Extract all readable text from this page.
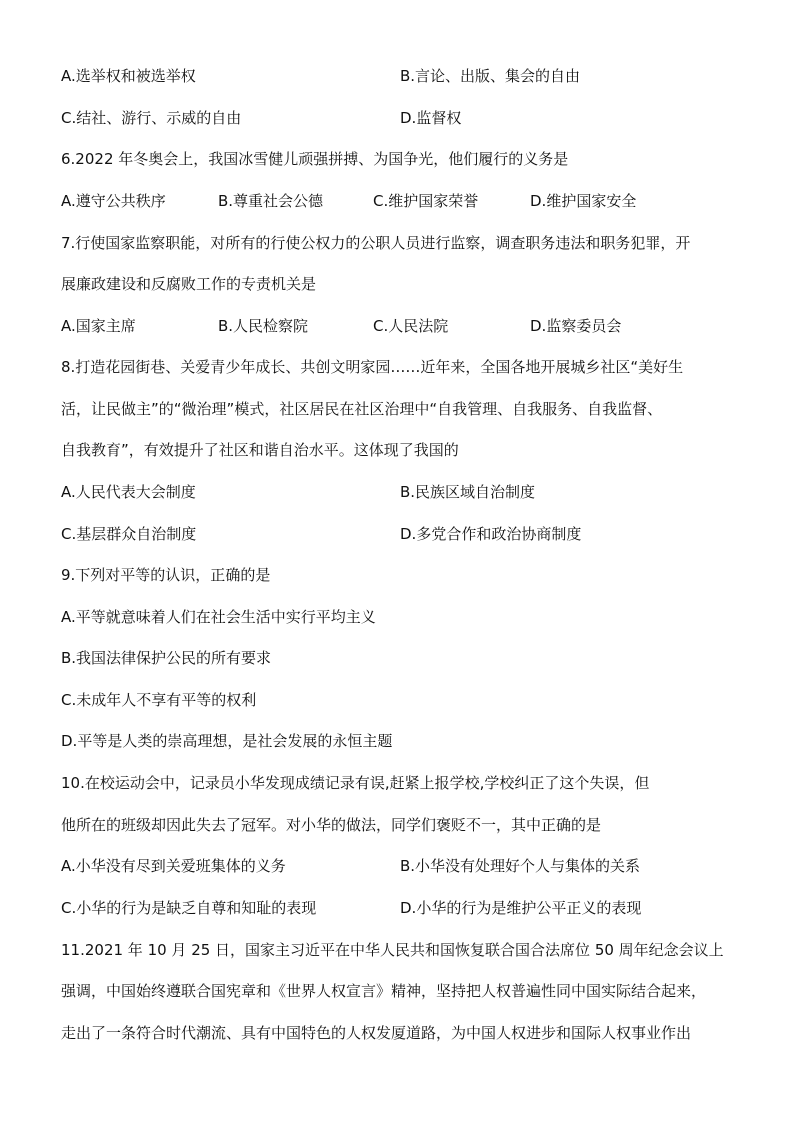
A.选举权和被选举权	B.言论、出版、集会的自由
C.结社、游行、示威的自由	D.监督权
6.2022 年冬奥会上，我国冰雪健儿顽强拼搏、为国争光，他们履行的义务是
A.遵守公共秩序	B.尊重社会公德	C.维护国家荣誉	D.维护国家安全
7.行使国家监察职能，对所有的行使公权力的公职人员进行监察，调查职务违法和职务犯罪，开
展廉政建设和反腐败工作的专责机关是
A.国家主席	B.人民检察院	C.人民法院	D.监察委员会
8.打造花园街巷、关爱青少年成长、共创文明家园……近年来，全国各地开展城乡社区“美好生
活，让民做主”的“微治理”模式，社区居民在社区治理中“自我管理、自我服务、自我监督、
自我教育”，有效提升了社区和谐自治水平。这体现了我国的
A.人民代表大会制度	B.民族区域自治制度
C.基层群众自治制度	D.多党合作和政治协商制度
9.下列对平等的认识，正确的是
A.平等就意味着人们在社会生活中实行平均主义
B.我国法律保护公民的所有要求
C.未成年人不享有平等的权利
D.平等是人类的崇高理想，是社会发展的永恒主题
10.在校运动会中，记录员小华发现成绩记录有误,赶紧上报学校,学校纠正了这个失误，但
他所在的班级却因此失去了冠军。对小华的做法，同学们褒贬不一，其中正确的是
A.小华没有尽到关爱班集体的义务	B.小华没有处理好个人与集体的关系
C.小华的行为是缺乏自尊和知耻的表现	D.小华的行为是维护公平正义的表现
11.2021 年 10 月 25 日，国家主习近平在中华人民共和国恢复联合国合法席位 50 周年纪念会议上
强调，中国始终遵联合国宪章和《世界人权宣言》精神，坚持把人权普遍性同中国实际结合起来，
走出了一条符合时代潮流、具有中国特色的人权发厦道路，为中国人权进步和国际人权事业作出
